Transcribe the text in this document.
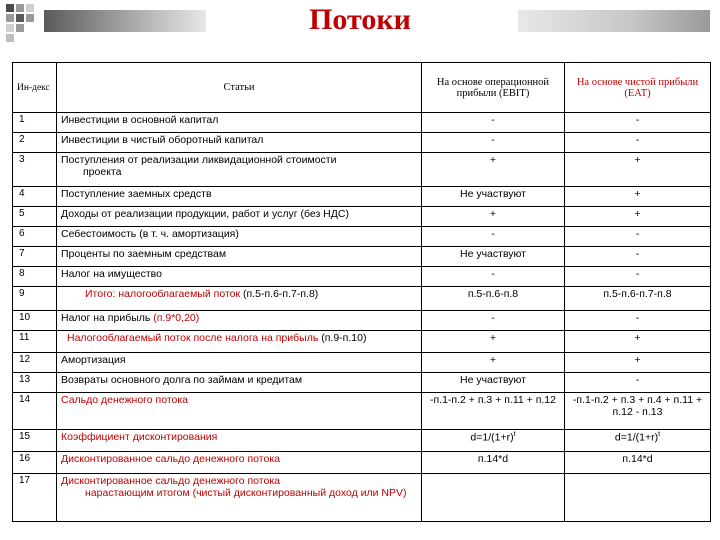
Потоки
Ин-декс	Статьи	На основе операционной прибыли (EBIT)	На основе чистой прибыли (EAT)
1	Инвестиции в основной капитал	-	-
2	Инвестиции в чистый оборотный капитал	-	-
3	Поступления от реализации ликвидационной стоимости
проекта	+	+
4	Поступление заемных средств	Не участвуют	+
5	Доходы от реализации продукции, работ и услуг (без НДС)	+	+
6	Себестоимость (в т. ч. амортизация)	-	-
7	Проценты по заемным средствам	Не участвуют	-
8	Налог на имущество	-	-
9	Итого: налогооблагаемый поток (п.5-п.6-п.7-п.8)	п.5-п.6-п.8	п.5-п.6-п.7-п.8
10	Налог на прибыль (п.9*0,20)	-	-
11	Налогооблагаемый поток после налога на прибыль (п.9-п.10)	+	+
12	Амортизация	+	+
13	Возвраты основного долга по займам и кредитам	Не участвуют	-
14	Сальдо денежного потока	-п.1-п.2 + п.3 + п.11 + п.12	-п.1-п.2 + п.3 + п.4 + п.11 + п.12 - п.13
15	Коэффициент дисконтирования	$d=1/(1+r)^t$	$d=1/(1+r)^t$
16	Дисконтированное сальдо денежного потока	п.14*d	п.14*d
17	Дисконтированное сальдо денежного потока
нарастающим итогом (чистый дисконтированный доход или NPV)		
